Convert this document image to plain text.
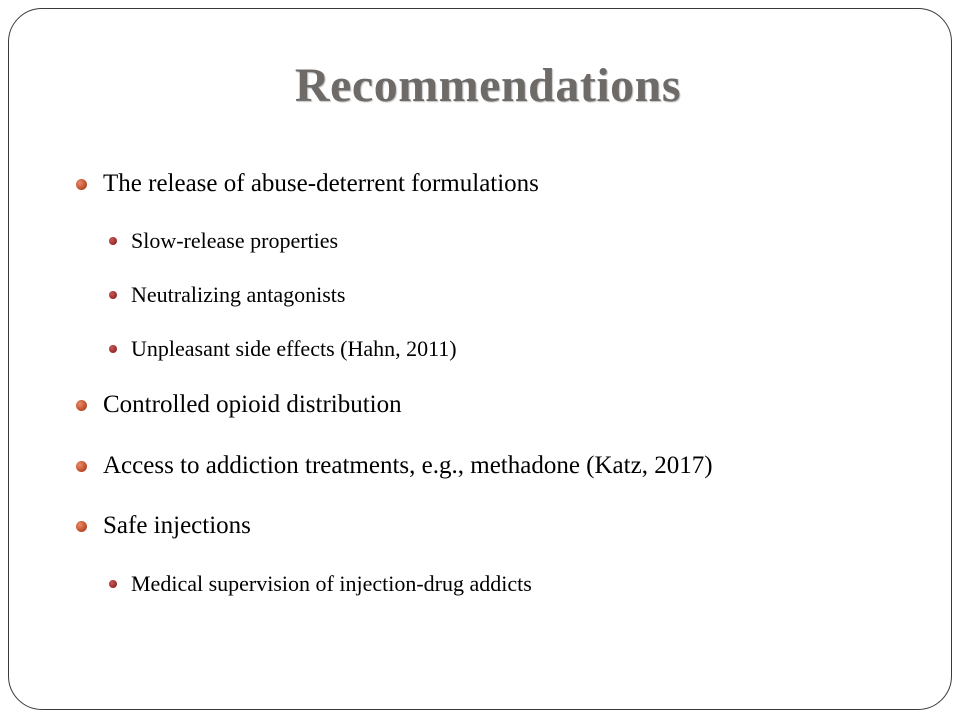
Recommendations
The release of abuse-deterrent formulations
Slow-release properties
Neutralizing antagonists
Unpleasant side effects (Hahn, 2011)
Controlled opioid distribution
Access to addiction treatments, e.g., methadone (Katz, 2017)
Safe injections
Medical supervision of injection-drug addicts
